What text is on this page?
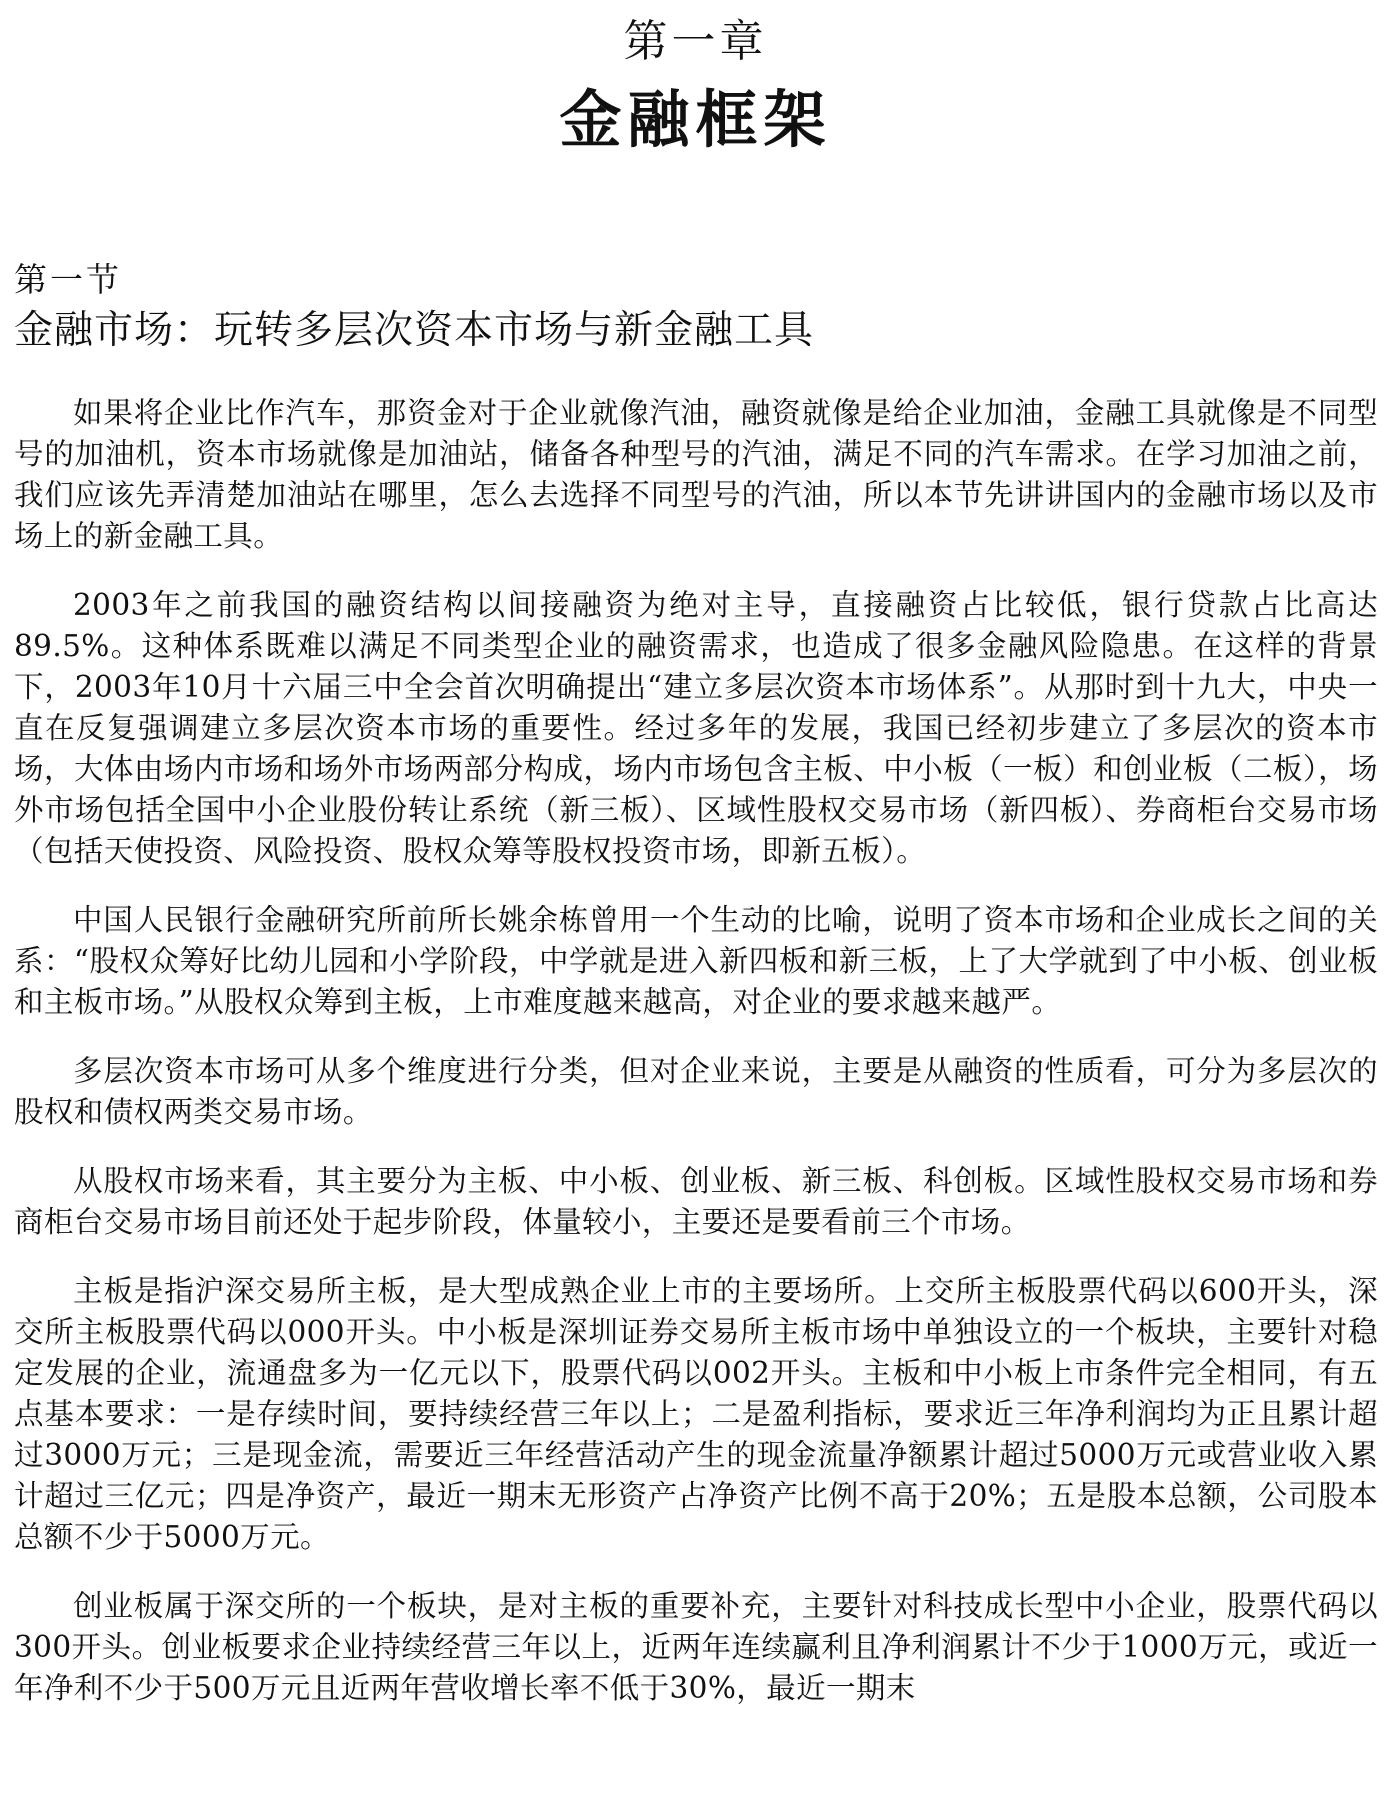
第一章
金融框架
第一节
金融市场：玩转多层次资本市场与新金融工具

如果将企业比作汽车，那资金对于企业就像汽油，融资就像是给企业加油，金融工具就像是不同型号的加油机，资本市场就像是加油站，储备各种型号的汽油，满足不同的汽车需求。在学习加油之前，我们应该先弄清楚加油站在哪里，怎么去选择不同型号的汽油，所以本节先讲讲国内的金融市场以及市场上的新金融工具。

2003年之前我国的融资结构以间接融资为绝对主导，直接融资占比较低，银行贷款占比高达89.5%。这种体系既难以满足不同类型企业的融资需求，也造成了很多金融风险隐患。在这样的背景下，2003年10月十六届三中全会首次明确提出“建立多层次资本市场体系”。从那时到十九大，中央一直在反复强调建立多层次资本市场的重要性。经过多年的发展，我国已经初步建立了多层次的资本市场，大体由场内市场和场外市场两部分构成，场内市场包含主板、中小板（一板）和创业板（二板），场外市场包括全国中小企业股份转让系统（新三板）、区域性股权交易市场（新四板）、券商柜台交易市场（包括天使投资、风险投资、股权众筹等股权投资市场，即新五板）。

中国人民银行金融研究所前所长姚余栋曾用一个生动的比喻，说明了资本市场和企业成长之间的关系：“股权众筹好比幼儿园和小学阶段，中学就是进入新四板和新三板，上了大学就到了中小板、创业板和主板市场。”从股权众筹到主板，上市难度越来越高，对企业的要求越来越严。

多层次资本市场可从多个维度进行分类，但对企业来说，主要是从融资的性质看，可分为多层次的股权和债权两类交易市场。

从股权市场来看，其主要分为主板、中小板、创业板、新三板、科创板。区域性股权交易市场和券商柜台交易市场目前还处于起步阶段，体量较小，主要还是要看前三个市场。

主板是指沪深交易所主板，是大型成熟企业上市的主要场所。上交所主板股票代码以600开头，深交所主板股票代码以000开头。中小板是深圳证券交易所主板市场中单独设立的一个板块，主要针对稳定发展的企业，流通盘多为一亿元以下，股票代码以002开头。主板和中小板上市条件完全相同，有五点基本要求：一是存续时间，要持续经营三年以上；二是盈利指标，要求近三年净利润均为正且累计超过3000万元；三是现金流，需要近三年经营活动产生的现金流量净额累计超过5000万元或营业收入累计超过三亿元；四是净资产，最近一期末无形资产占净资产比例不高于20%；五是股本总额，公司股本总额不少于5000万元。

创业板属于深交所的一个板块，是对主板的重要补充，主要针对科技成长型中小企业，股票代码以300开头。创业板要求企业持续经营三年以上，近两年连续赢利且净利润累计不少于1000万元，或近一年净利不少于500万元且近两年营收增长率不低于30%，最近一期末
